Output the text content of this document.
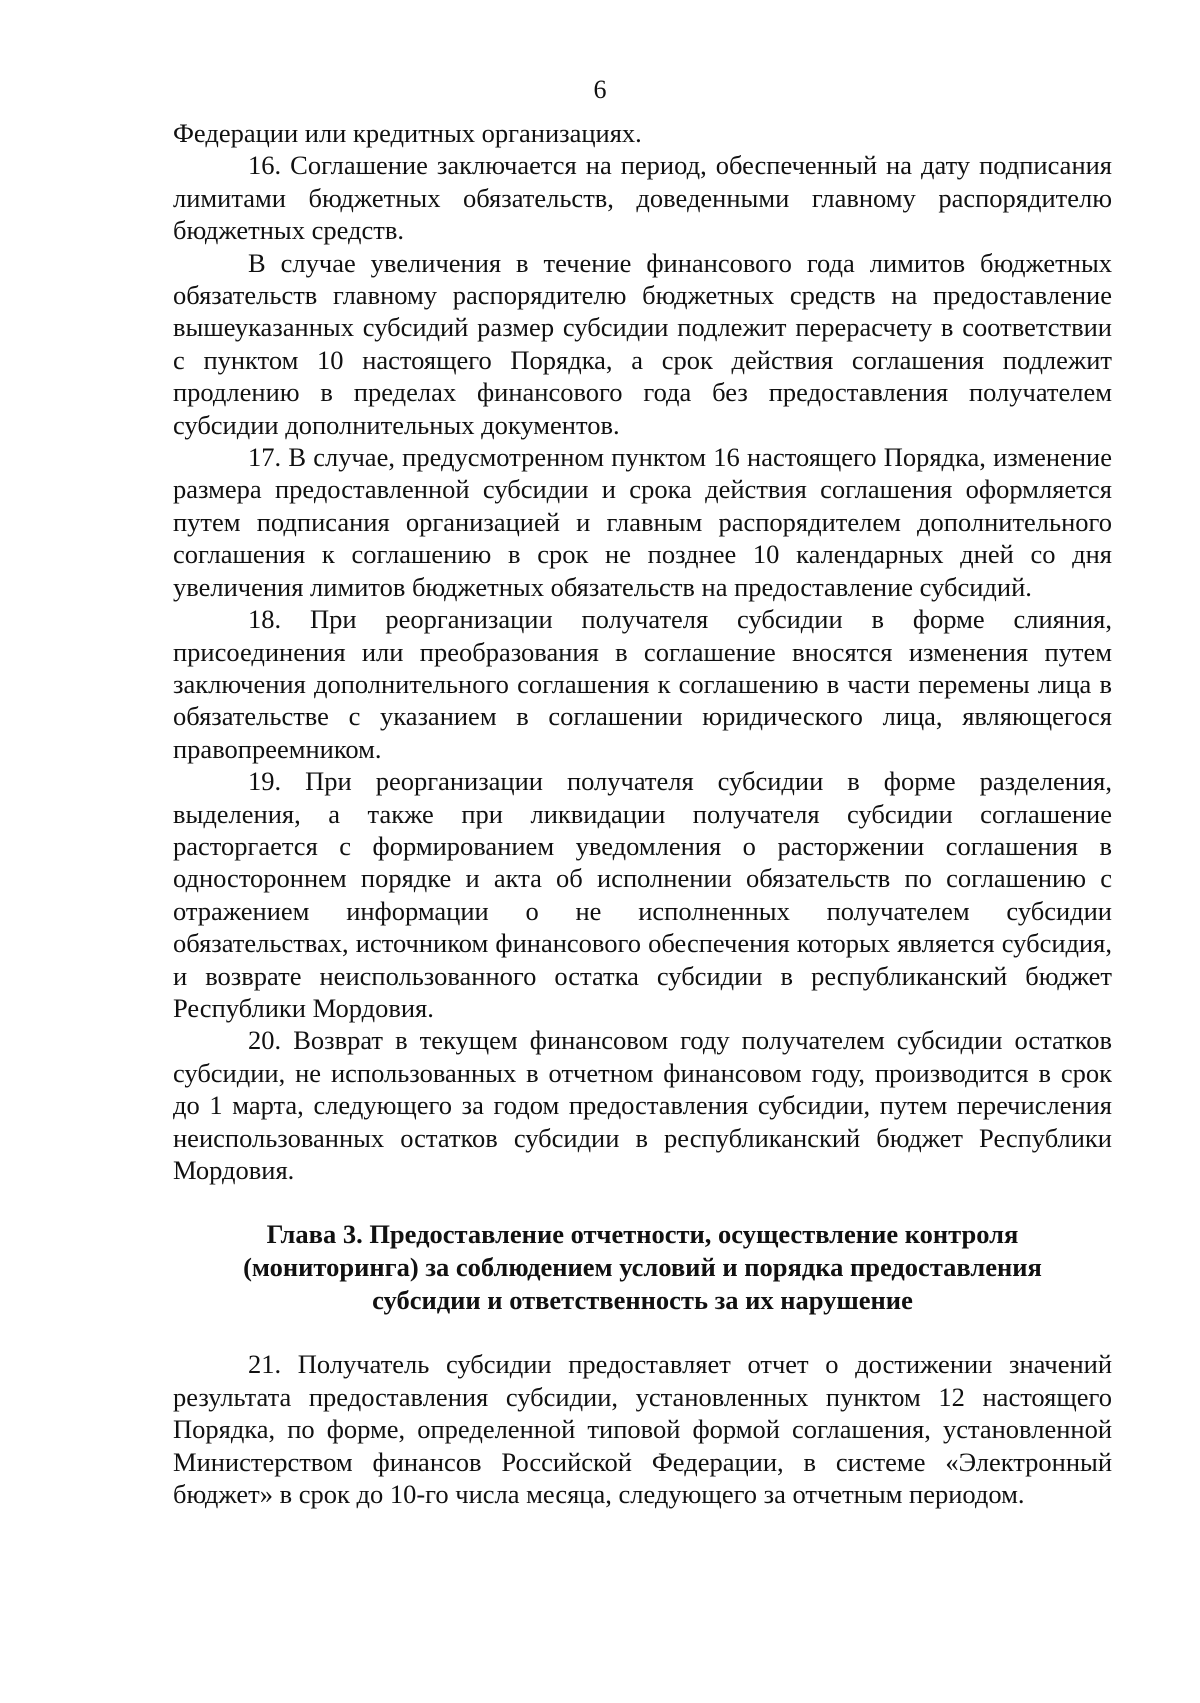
6

Федерации или кредитных организациях.

16. Соглашение заключается на период, обеспеченный на дату подписания лимитами бюджетных обязательств, доведенными главному распорядителю бюджетных средств.

В случае увеличения в течение финансового года лимитов бюджетных обязательств главному распорядителю бюджетных средств на предоставление вышеуказанных субсидий размер субсидии подлежит перерасчету в соответствии с пунктом 10 настоящего Порядка, а срок действия соглашения подлежит продлению в пределах финансового года без предоставления получателем субсидии дополнительных документов.

17. В случае, предусмотренном пунктом 16 настоящего Порядка, изменение размера предоставленной субсидии и срока действия соглашения оформляется путем подписания организацией и главным распорядителем дополнительного соглашения к соглашению в срок не позднее 10 календарных дней со дня увеличения лимитов бюджетных обязательств на предоставление субсидий.

18. При реорганизации получателя субсидии в форме слияния, присоединения или преобразования в соглашение вносятся изменения путем заключения дополнительного соглашения к соглашению в части перемены лица в обязательстве с указанием в соглашении юридического лица, являющегося правопреемником.

19. При реорганизации получателя субсидии в форме разделения, выделения, а также при ликвидации получателя субсидии соглашение расторгается с формированием уведомления о расторжении соглашения в одностороннем порядке и акта об исполнении обязательств по соглашению с отражением информации о не исполненных получателем субсидии обязательствах, источником финансового обеспечения которых является субсидия, и возврате неиспользованного остатка субсидии в республиканский бюджет Республики Мордовия.

20. Возврат в текущем финансовом году получателем субсидии остатков субсидии, не использованных в отчетном финансовом году, производится в срок до 1 марта, следующего за годом предоставления субсидии, путем перечисления неиспользованных остатков субсидии в республиканский бюджет Республики Мордовия.

Глава 3. Предоставление отчетности, осуществление контроля (мониторинга) за соблюдением условий и порядка предоставления субсидии и ответственность за их нарушение

21. Получатель субсидии предоставляет отчет о достижении значений результата предоставления субсидии, установленных пунктом 12 настоящего Порядка, по форме, определенной типовой формой соглашения, установленной Министерством финансов Российской Федерации, в системе «Электронный бюджет» в срок до 10-го числа месяца, следующего за отчетным периодом.
